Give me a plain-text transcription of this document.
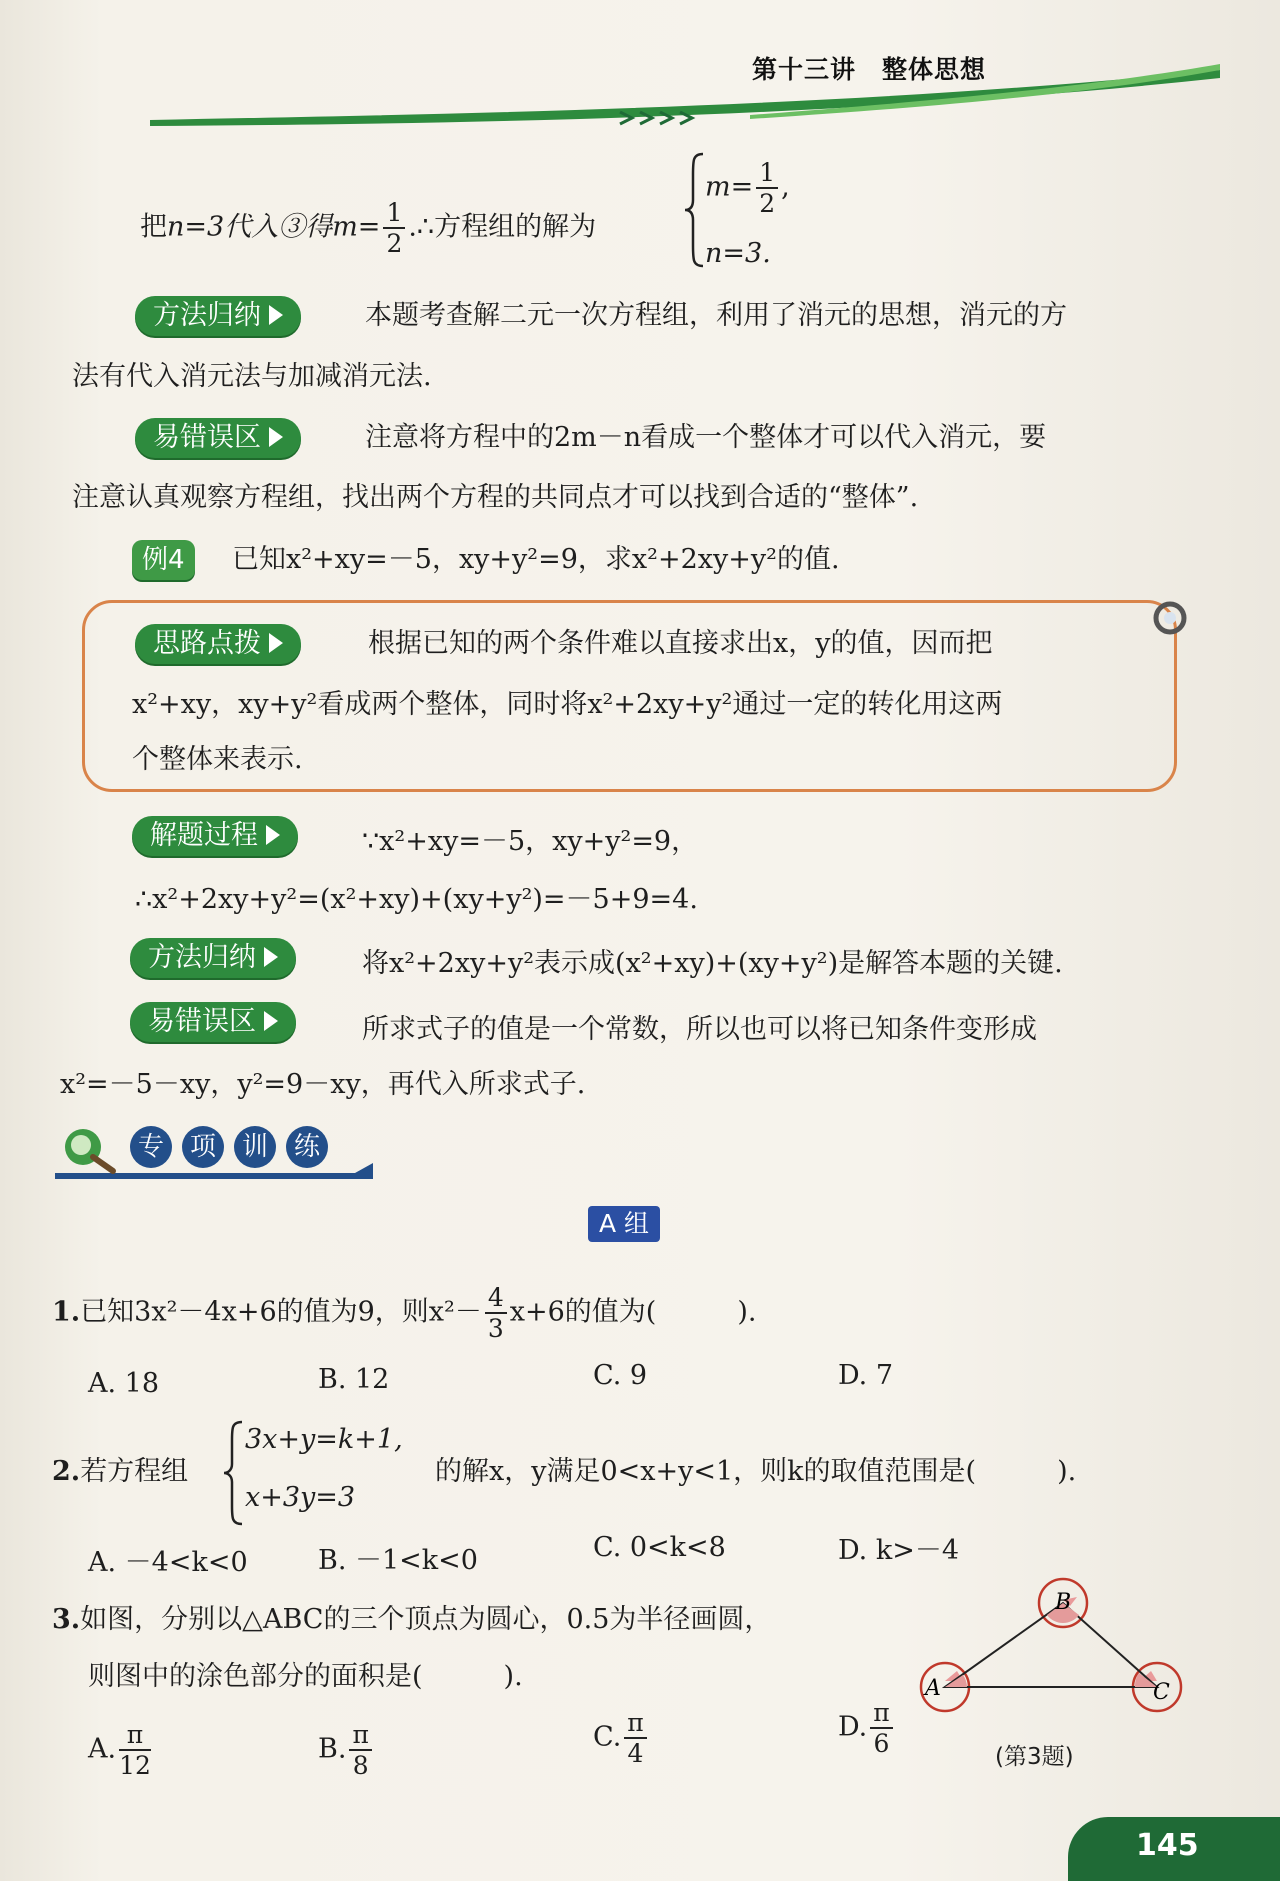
第十三讲　整体思想
把n=3代入③得$m= \frac{1}{2}$ .∴方程组的解为
$m= \frac{1}{2}$ ,
n=3.
方法归纳	本题考查解二元一次方程组，利用了消元的思想，消元的方
法有代入消元法与加减消元法.
易错误区	注意将方程中的2m－n看成一个整体才可以代入消元，要
注意认真观察方程组，找出两个方程的共同点才可以找到合适的“整体”.
例4	已知x²+xy=－5，xy+y²=9，求x²+2xy+y²的值.
思路点拨	根据已知的两个条件难以直接求出x，y的值，因而把
x²+xy，xy+y²看成两个整体，同时将x²+2xy+y²通过一定的转化用这两
个整体来表示.
解题过程	∵x²+xy=－5，xy+y²=9，
∴x²+2xy+y²=(x²+xy)+(xy+y²)=－5+9=4.
方法归纳	将x²+2xy+y²表示成(x²+xy)+(xy+y²)是解答本题的关键.
易错误区	所求式子的值是一个常数，所以也可以将已知条件变形成
x²=－5－xy，y²=9－xy，再代入所求式子.
专 项 训 练
A 组
1.已知3x²－4x+6的值为9，则$x^2- \frac{4}{3} x+6$的值为(　　　).
A. 18	B. 12	C. 9	D. 7
2.若方程组
3x+y=k+1,
x+3y=3
的解x，y满足0<x+y<1，则k的取值范围是(　　　).
A. －4<k<0	B. －1<k<0	C. 0<k<8	D. k>－4
3.如图，分别以△ABC的三个顶点为圆心，0.5为半径画圆，
则图中的涂色部分的面积是(　　　).
A. $\frac{\pi}{12}$	B. $\frac{\pi}{8}$	C. $\frac{\pi}{4}$	D. $\frac{\pi}{6}$
B
A	C
(第3题)
145
